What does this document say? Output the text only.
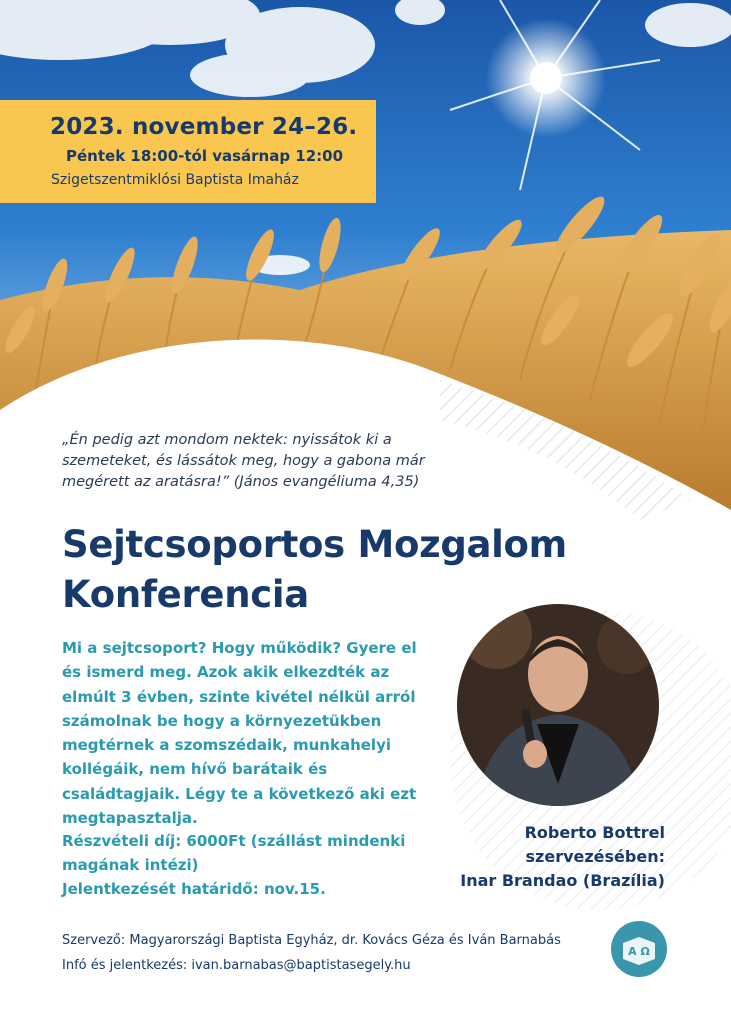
2023. november 24–26.
Péntek 18:00-tól vasárnap 12:00
Szigetszentmiklósi Baptista Imaház
„Én pedig azt mondom nektek: nyissátok ki a szemeteket, és lássátok meg, hogy a gabona már megérett az aratásra!” (János evangéliuma 4,35)
Sejtcsoportos Mozgalom
Konferencia
Mi a sejtcsoport? Hogy működik? Gyere el és ismerd meg. Azok akik elkezdték az elmúlt 3 évben, szinte kivétel nélkül arról számolnak be hogy a környezetükben megtérnek a szomszédaik, munkahelyi kollégáik, nem hívő barátaik és családtagjaik. Légy te a következő aki ezt megtapasztalja.
Részvételi díj: 6000Ft (szállást mindenki
magának intézi)
Jelentkezését határidő: nov.15.
Roberto Bottrel
szervezésében:
Inar Brandao (Brazília)
Szervező: Magyarországi Baptista Egyház, dr. Kovács Géza és Iván Barnabás
Infó és jelentkezés: ivan.barnabas@baptistasegely.hu
A Ω
